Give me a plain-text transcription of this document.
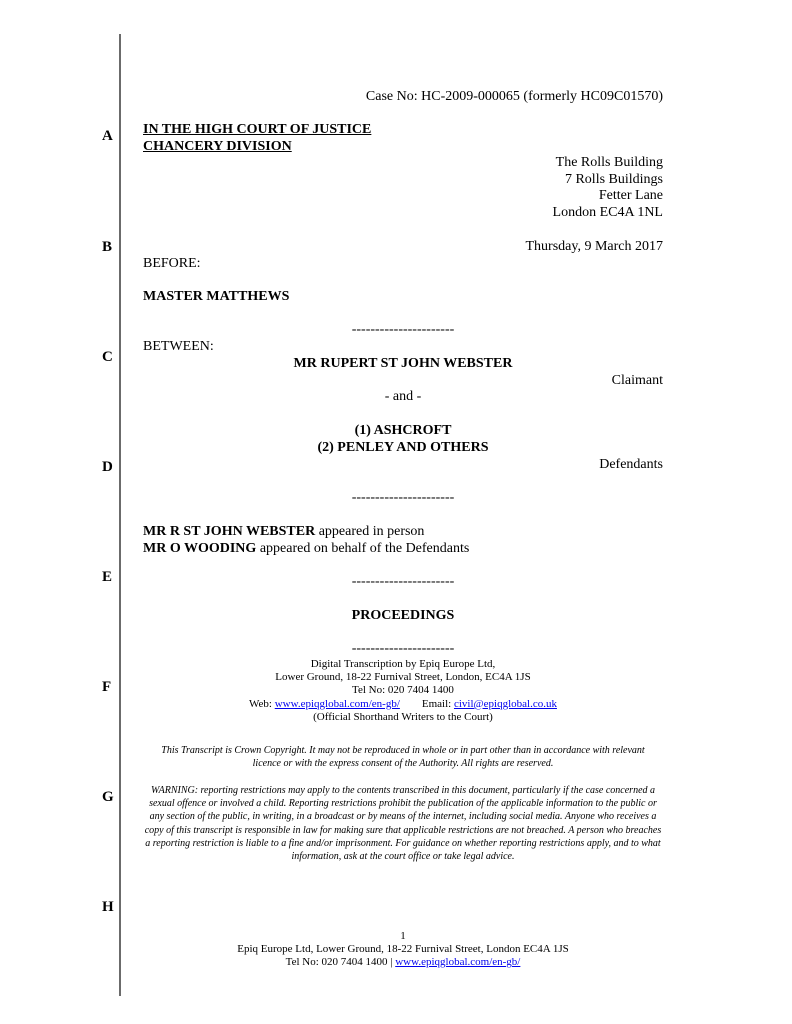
A
B
C
D
E
F
G
H
Case No: HC-2009-000065 (formerly HC09C01570)
IN THE HIGH COURT OF JUSTICE
CHANCERY DIVISION
The Rolls Building
7 Rolls Buildings
Fetter Lane
London EC4A 1NL
Thursday, 9 March 2017
BEFORE:
MASTER MATTHEWS
----------------------
BETWEEN:
MR RUPERT ST JOHN WEBSTER
Claimant
- and -
(1) ASHCROFT
(2) PENLEY AND OTHERS
Defendants
----------------------
MR R ST JOHN WEBSTER appeared in person
MR O WOODING appeared on behalf of the Defendants
----------------------
PROCEEDINGS
----------------------
Digital Transcription by Epiq Europe Ltd,
Lower Ground, 18-22 Furnival Street, London, EC4A 1JS
Tel No: 020 7404 1400
Web: www.epiqglobal.com/en-gb/ Email: civil@epiqglobal.co.uk
(Official Shorthand Writers to the Court)
This Transcript is Crown Copyright. It may not be reproduced in whole or in part other than in accordance with relevant licence or with the express consent of the Authority. All rights are reserved.
WARNING: reporting restrictions may apply to the contents transcribed in this document, particularly if the case concerned a sexual offence or involved a child. Reporting restrictions prohibit the publication of the applicable information to the public or any section of the public, in writing, in a broadcast or by means of the internet, including social media. Anyone who receives a copy of this transcript is responsible in law for making sure that applicable restrictions are not breached. A person who breaches a reporting restriction is liable to a fine and/or imprisonment. For guidance on whether reporting restrictions apply, and to what information, ask at the court office or take legal advice.
1
Epiq Europe Ltd, Lower Ground, 18-22 Furnival Street, London EC4A 1JS
Tel No: 020 7404 1400 | www.epiqglobal.com/en-gb/
